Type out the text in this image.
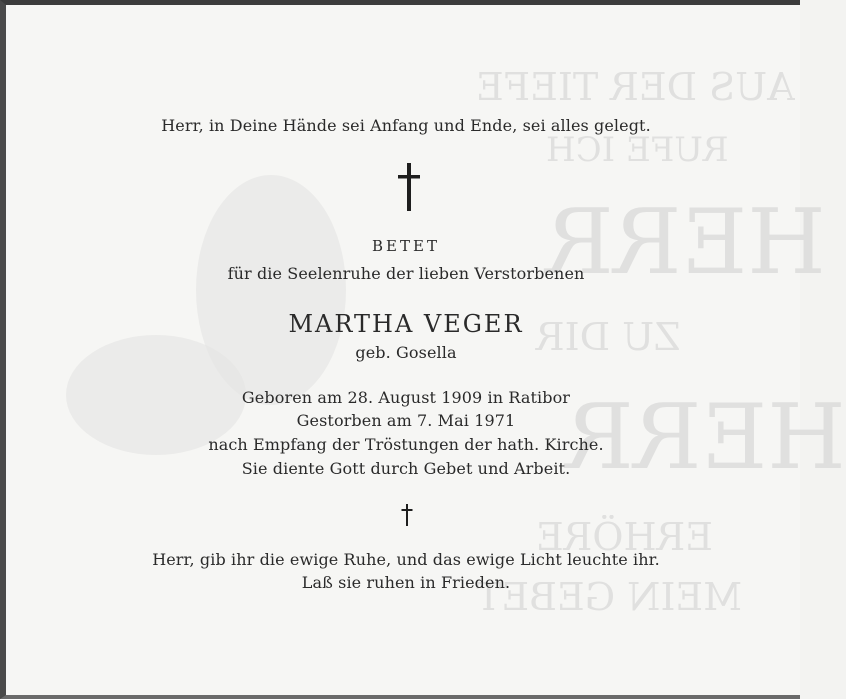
AUS DER TIEFE
RUFE ICH
HERR
ZU DIR
HERR
ERHÖRE
MEIN GEBET
Herr, in Deine Hände sei Anfang und Ende, sei alles gelegt.
BETET
für die Seelenruhe der lieben Verstorbenen
MARTHA VEGER
geb. Gosella
Geboren am 28. August 1909 in Ratibor
Gestorben am 7. Mai 1971
nach Empfang der Tröstungen der hath. Kirche.
Sie diente Gott durch Gebet und Arbeit.
Herr, gib ihr die ewige Ruhe, und das ewige Licht leuchte ihr.
Laß sie ruhen in Frieden.
